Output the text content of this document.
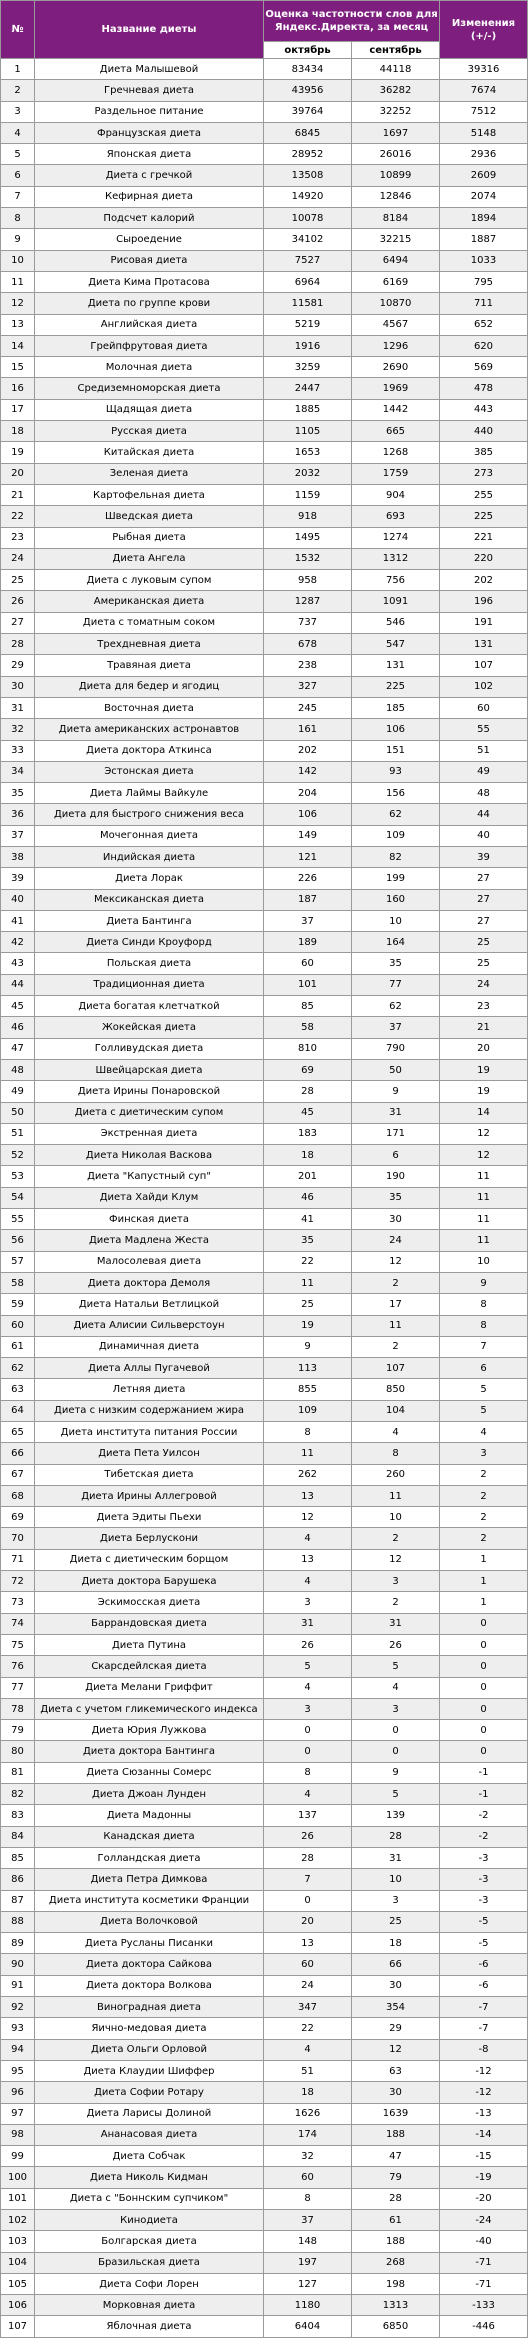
№	Название диеты	Оценка частотности слов для Яндекс.Директа, за месяц		Изменения (+/-)
		октябрь	сентябрь	
1	Диета Малышевой	83434	44118	39316
2	Гречневая диета	43956	36282	7674
3	Раздельное питание	39764	32252	7512
4	Французская диета	6845	1697	5148
5	Японская диета	28952	26016	2936
6	Диета с гречкой	13508	10899	2609
7	Кефирная диета	14920	12846	2074
8	Подсчет калорий	10078	8184	1894
9	Сыроедение	34102	32215	1887
10	Рисовая диета	7527	6494	1033
11	Диета Кима Протасова	6964	6169	795
12	Диета по группе крови	11581	10870	711
13	Английская диета	5219	4567	652
14	Грейпфрутовая диета	1916	1296	620
15	Молочная диета	3259	2690	569
16	Средиземноморская диета	2447	1969	478
17	Щадящая диета	1885	1442	443
18	Русская диета	1105	665	440
19	Китайская диета	1653	1268	385
20	Зеленая диета	2032	1759	273
21	Картофельная диета	1159	904	255
22	Шведская диета	918	693	225
23	Рыбная диета	1495	1274	221
24	Диета Ангела	1532	1312	220
25	Диета с луковым супом	958	756	202
26	Американская диета	1287	1091	196
27	Диета с томатным соком	737	546	191
28	Трехдневная диета	678	547	131
29	Травяная диета	238	131	107
30	Диета для бедер и ягодиц	327	225	102
31	Восточная диета	245	185	60
32	Диета американских астронавтов	161	106	55
33	Диета доктора Аткинса	202	151	51
34	Эстонская диета	142	93	49
35	Диета Лаймы Вайкуле	204	156	48
36	Диета для быстрого снижения веса	106	62	44
37	Мочегонная диета	149	109	40
38	Индийская диета	121	82	39
39	Диета Лорак	226	199	27
40	Мексиканская диета	187	160	27
41	Диета Бантинга	37	10	27
42	Диета Синди Кроуфорд	189	164	25
43	Польская диета	60	35	25
44	Традиционная диета	101	77	24
45	Диета богатая клетчаткой	85	62	23
46	Жокейская диета	58	37	21
47	Голливудская диета	810	790	20
48	Швейцарская диета	69	50	19
49	Диета Ирины Понаровской	28	9	19
50	Диета с диетическим супом	45	31	14
51	Экстренная диета	183	171	12
52	Диета Николая Васкова	18	6	12
53	Диета "Капустный суп"	201	190	11
54	Диета Хайди Клум	46	35	11
55	Финская диета	41	30	11
56	Диета Мадлена Жеста	35	24	11
57	Малосолевая диета	22	12	10
58	Диета доктора Демоля	11	2	9
59	Диета Натальи Ветлицкой	25	17	8
60	Диета Алисии Сильверстоун	19	11	8
61	Динамичная диета	9	2	7
62	Диета Аллы Пугачевой	113	107	6
63	Летняя диета	855	850	5
64	Диета с низким содержанием жира	109	104	5
65	Диета института питания России	8	4	4
66	Диета Пета Уилсон	11	8	3
67	Тибетская диета	262	260	2
68	Диета Ирины Аллегровой	13	11	2
69	Диета Эдиты Пьехи	12	10	2
70	Диета Берлускони	4	2	2
71	Диета с диетическим борщом	13	12	1
72	Диета доктора Барушека	4	3	1
73	Эскимосская диета	3	2	1
74	Баррандовская диета	31	31	0
75	Диета Путина	26	26	0
76	Скарсдейлская диета	5	5	0
77	Диета Мелани Гриффит	4	4	0
78	Диета с учетом гликемического индекса	3	3	0
79	Диета Юрия Лужкова	0	0	0
80	Диета доктора Бантинга	0	0	0
81	Диета Сюзанны Сомерс	8	9	-1
82	Диета Джоан Лунден	4	5	-1
83	Диета Мадонны	137	139	-2
84	Канадская диета	26	28	-2
85	Голландская диета	28	31	-3
86	Диета Петра Димкова	7	10	-3
87	Диета института косметики Франции	0	3	-3
88	Диета Волочковой	20	25	-5
89	Диета Русланы Писанки	13	18	-5
90	Диета доктора Сайкова	60	66	-6
91	Диета доктора Волкова	24	30	-6
92	Виноградная диета	347	354	-7
93	Яично-медовая диета	22	29	-7
94	Диета Ольги Орловой	4	12	-8
95	Диета Клаудии Шиффер	51	63	-12
96	Диета Софии Ротару	18	30	-12
97	Диета Ларисы Долиной	1626	1639	-13
98	Ананасовая диета	174	188	-14
99	Диета Собчак	32	47	-15
100	Диета Николь Кидман	60	79	-19
101	Диета с "Боннским супчиком"	8	28	-20
102	Кинодиета	37	61	-24
103	Болгарская диета	148	188	-40
104	Бразильская диета	197	268	-71
105	Диета Софи Лорен	127	198	-71
106	Морковная диета	1180	1313	-133
107	Яблочная диета	6404	6850	-446
